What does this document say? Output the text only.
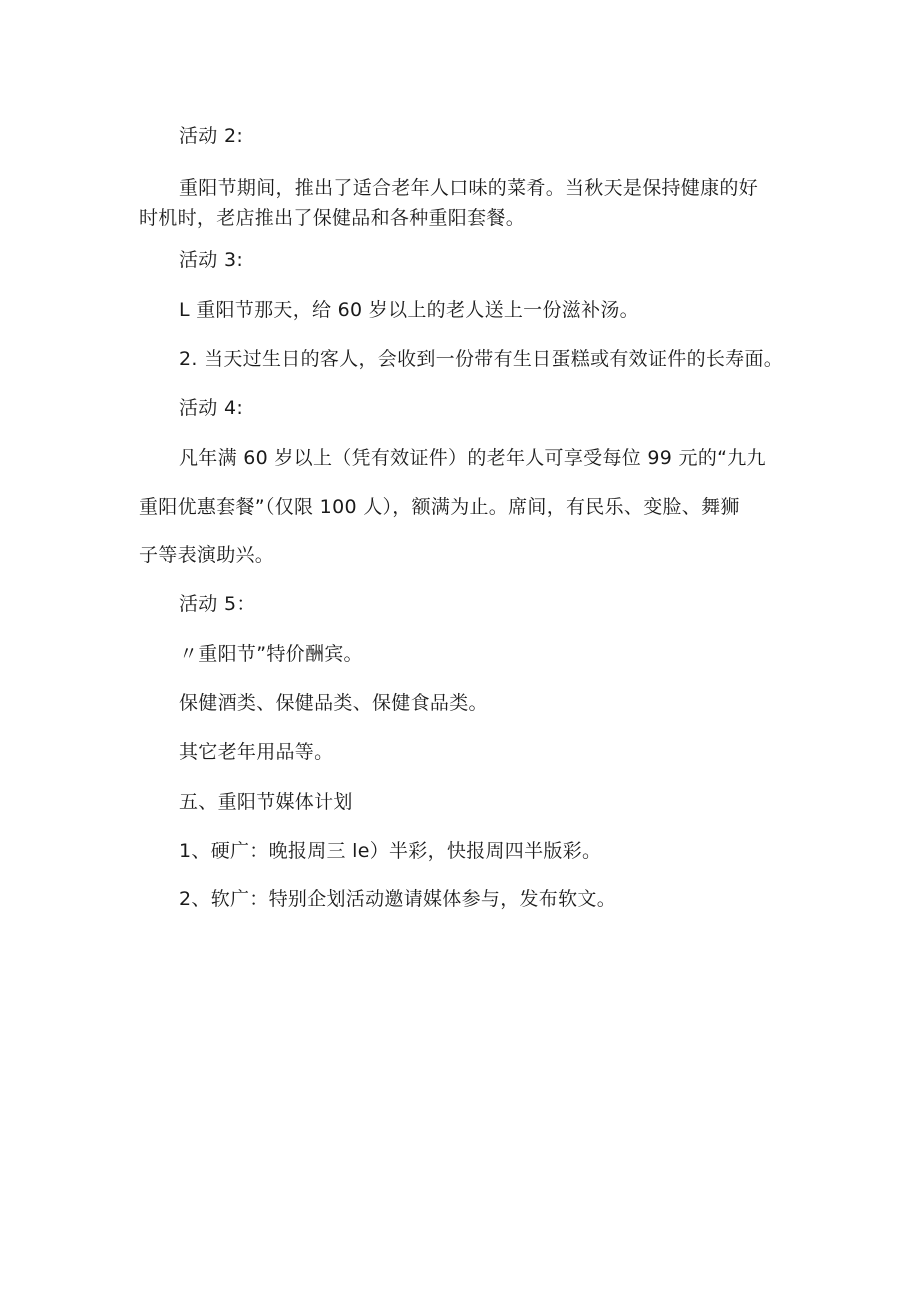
活动 2:
重阳节期间，推出了适合老年人口味的菜肴。当秋天是保持健康的好
时机时，老店推出了保健品和各种重阳套餐。
活动 3:
L 重阳节那天，给 60 岁以上的老人送上一份滋补汤。
2. 当天过生日的客人，会收到一份带有生日蛋糕或有效证件的长寿面。
活动 4:
凡年满 60 岁以上（凭有效证件）的老年人可享受每位 99 元的“九九
重阳优惠套餐”（仅限 100 人），额满为止。席间，有民乐、变脸、舞狮
子等表演助兴。
活动 5：
〃重阳节”特价酬宾。
保健酒类、保健品类、保健食品类。
其它老年用品等。
五、重阳节媒体计划
1、硬广：晚报周三 le）半彩，快报周四半版彩。
2、软广：特别企划活动邀请媒体参与，发布软文。
